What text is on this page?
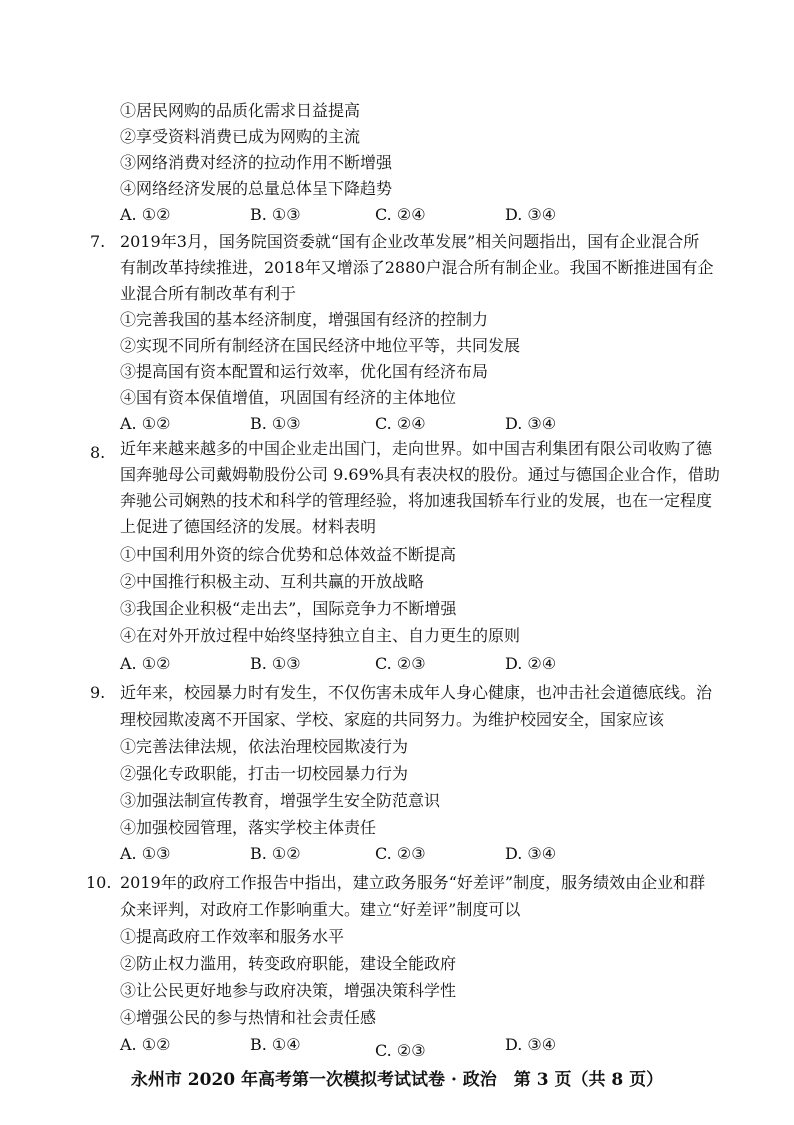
①居民网购的品质化需求日益提高
②享受资料消费已成为网购的主流
③网络消费对经济的拉动作用不断增强
④网络经济发展的总量总体呈下降趋势
A. ①②	B. ①③	C. ②④	D. ③④
7. 2019年3月，国务院国资委就“国有企业改革发展”相关问题指出，国有企业混合所
有制改革持续推进，2018年又增添了2880户混合所有制企业。我国不断推进国有企
业混合所有制改革有利于
①完善我国的基本经济制度，增强国有经济的控制力
②实现不同所有制经济在国民经济中地位平等，共同发展
③提高国有资本配置和运行效率，优化国有经济布局
④国有资本保值增值，巩固国有经济的主体地位
A. ①②	B. ①③	C. ②④	D. ③④
8. 近年来越来越多的中国企业走出国门，走向世界。如中国吉利集团有限公司收购了德
国奔驰母公司戴姆勒股份公司 9.69%具有表决权的股份。通过与德国企业合作，借助
奔驰公司娴熟的技术和科学的管理经验，将加速我国轿车行业的发展，也在一定程度
上促进了德国经济的发展。材料表明
①中国利用外资的综合优势和总体效益不断提高
②中国推行积极主动、互利共赢的开放战略
③我国企业积极“走出去”，国际竞争力不断增强
④在对外开放过程中始终坚持独立自主、自力更生的原则
A. ①②	B. ①③	C. ②③	D. ②④
9. 近年来，校园暴力时有发生，不仅伤害未成年人身心健康，也冲击社会道德底线。治
理校园欺凌离不开国家、学校、家庭的共同努力。为维护校园安全，国家应该
①完善法律法规，依法治理校园欺凌行为
②强化专政职能，打击一切校园暴力行为
③加强法制宣传教育，增强学生安全防范意识
④加强校园管理，落实学校主体责任
A. ①③	B. ①②	C. ②③	D. ③④
10. 2019年的政府工作报告中指出，建立政务服务“好差评”制度，服务绩效由企业和群
众来评判，对政府工作影响重大。建立“好差评”制度可以
①提高政府工作效率和服务水平
②防止权力滥用，转变政府职能，建设全能政府
③让公民更好地参与政府决策，增强决策科学性
④增强公民的参与热情和社会责任感
A. ①②	B. ①④	C. ②③	D. ③④
永州市 2020 年高考第一次模拟考试试卷 · 政治　第 3 页（共 8 页）
